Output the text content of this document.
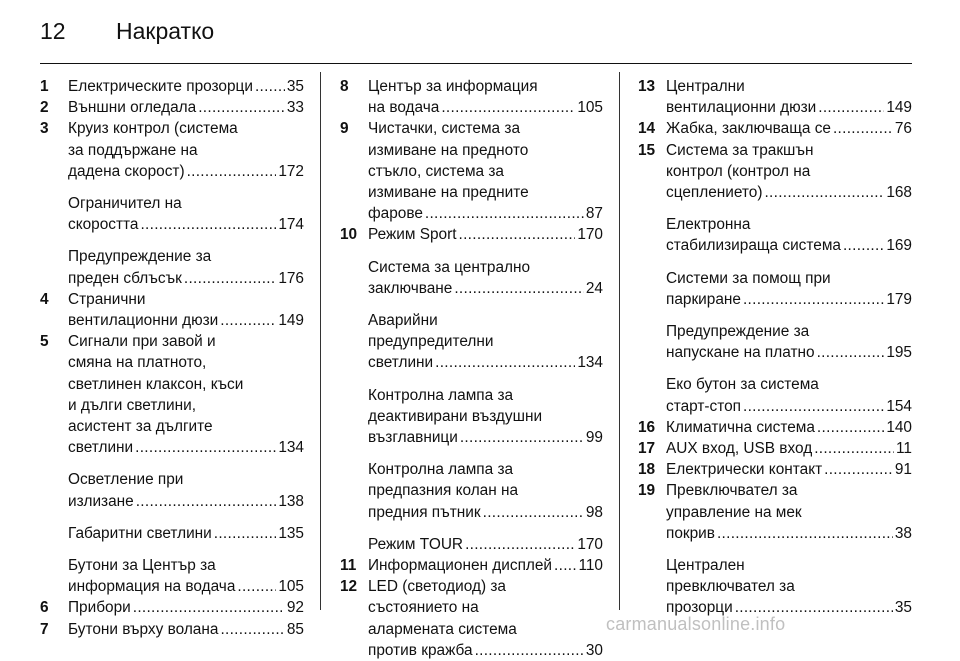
12 Накратко
1 Електрическите прозорци ..... 35
2 Външни огледала .....	33
3 Круиз контрол (система
за поддържане на
дадена скорост) .....	172
Ограничител на
скоростта .....	174
Предупреждение за
преден сблъсък .....	176
4 Странични
вентилационни дюзи .....	149
5 Сигнали при завой и
смяна на платното,
светлинен клаксон, къси
и дълги светлини,
асистент за дългите
светлини .....	134
Осветление при
излизане .....	138
Габаритни светлини .....	135
Бутони за Център за
информация на водача .....	105
6 Прибори .....	92
7 Бутони върху волана .....	85
8 Център за информация
на водача .....	105
9 Чистачки, система за
измиване на предното
стъкло, система за
измиване на предните
фарове .....	87
10 Режим Sport .....	170
Система за централно
заключване .....	24
Аварийни
предупредителни
светлини .....	134
Контролна лампа за
деактивирани въздушни
възглавници .....	99
Контролна лампа за
предпазния колан на
предния пътник .....	98
Режим TOUR .....	170
11 Информационен дисплей ..... 110
12 LED (светодиод) за
състоянието на
алармената система
против кражба .....	30
13 Централни
вентилационни дюзи .....	149
14 Жабка, заключваща се .....	76
15 Система за тракшън
контрол (контрол на
сцеплението) .....	168
Електронна
стабилизираща система .....	169
Системи за помощ при
паркиране .....	179
Предупреждение за
напускане на платно .....	195
Еко бутон за система
старт-стоп .....	154
16 Климатична система .....	140
17 AUX вход, USB вход .....	11
18 Електрически контакт .....	91
19 Превключвател за
управление на мек
покрив .....	38
Централен
превключвател за
прозорци .....	35
carmanualsonline.info
